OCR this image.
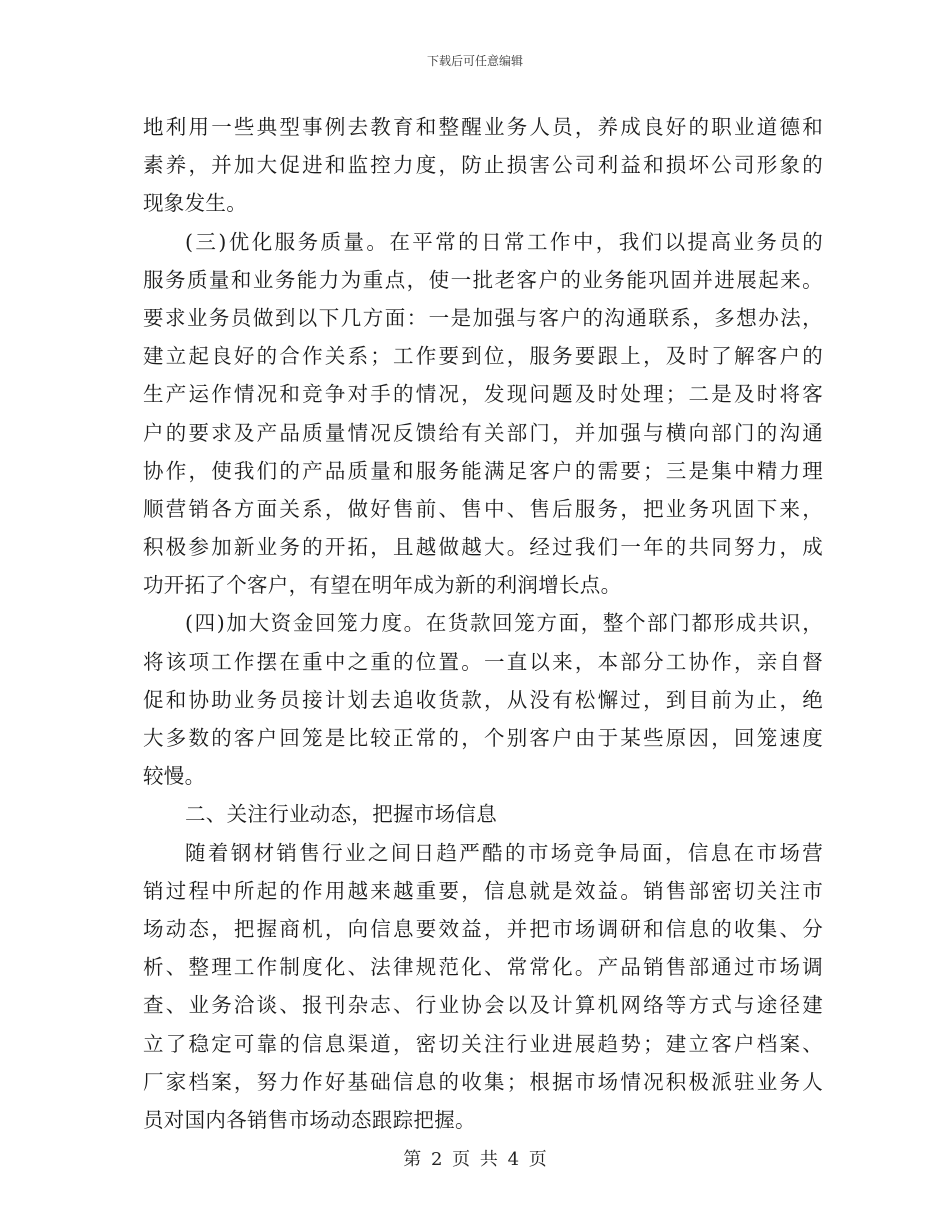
下载后可任意编辑
地利用一些典型事例去教育和整醒业务人员，养成良好的职业道德和
素养，并加大促进和监控力度，防止损害公司利益和损坏公司形象的
现象发生。
(三)优化服务质量。在平常的日常工作中，我们以提高业务员的
服务质量和业务能力为重点，使一批老客户的业务能巩固并进展起来。
要求业务员做到以下几方面：一是加强与客户的沟通联系，多想办法，
建立起良好的合作关系；工作要到位，服务要跟上，及时了解客户的
生产运作情况和竞争对手的情况，发现问题及时处理；二是及时将客
户的要求及产品质量情况反馈给有关部门，并加强与横向部门的沟通
协作，使我们的产品质量和服务能满足客户的需要；三是集中精力理
顺营销各方面关系，做好售前、售中、售后服务，把业务巩固下来，
积极参加新业务的开拓，且越做越大。经过我们一年的共同努力，成
功开拓了个客户，有望在明年成为新的利润增长点。
(四)加大资金回笼力度。在货款回笼方面，整个部门都形成共识，
将该项工作摆在重中之重的位置。一直以来，本部分工协作，亲自督
促和协助业务员接计划去追收货款，从没有松懈过，到目前为止，绝
大多数的客户回笼是比较正常的，个别客户由于某些原因，回笼速度
较慢。
二、关注行业动态，把握市场信息
随着钢材销售行业之间日趋严酷的市场竞争局面，信息在市场营
销过程中所起的作用越来越重要，信息就是效益。销售部密切关注市
场动态，把握商机，向信息要效益，并把市场调研和信息的收集、分
析、整理工作制度化、法律规范化、常常化。产品销售部通过市场调
查、业务洽谈、报刊杂志、行业协会以及计算机网络等方式与途径建
立了稳定可靠的信息渠道，密切关注行业进展趋势；建立客户档案、
厂家档案，努力作好基础信息的收集；根据市场情况积极派驻业务人
员对国内各销售市场动态跟踪把握。
第 2 页 共 4 页
